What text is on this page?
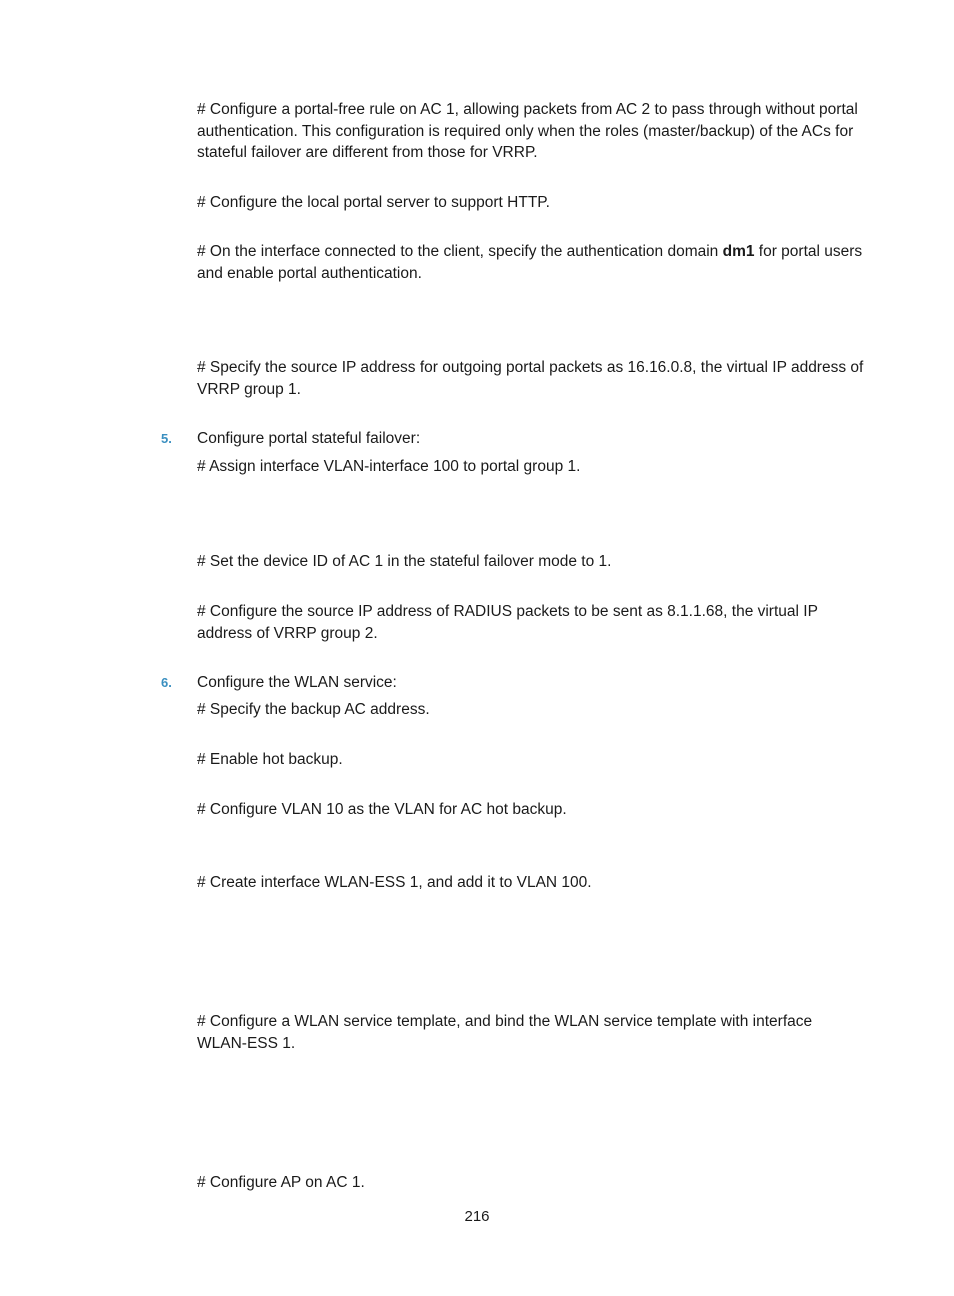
# Configure a portal-free rule on AC 1, allowing packets from AC 2 to pass through without portal authentication. This configuration is required only when the roles (master/backup) of the ACs for stateful failover are different from those for VRRP.

# Configure the local portal server to support HTTP.

# On the interface connected to the client, specify the authentication domain dm1 for portal users and enable portal authentication.

# Specify the source IP address for outgoing portal packets as 16.16.0.8, the virtual IP address of VRRP group 1.

5. Configure portal stateful failover:

# Assign interface VLAN-interface 100 to portal group 1.

# Set the device ID of AC 1 in the stateful failover mode to 1.

# Configure the source IP address of RADIUS packets to be sent as 8.1.1.68, the virtual IP address of VRRP group 2.

6. Configure the WLAN service:

# Specify the backup AC address.

# Enable hot backup.

# Configure VLAN 10 as the VLAN for AC hot backup.

# Create interface WLAN-ESS 1, and add it to VLAN 100.

# Configure a WLAN service template, and bind the WLAN service template with interface WLAN-ESS 1.

# Configure AP on AC 1.

216
